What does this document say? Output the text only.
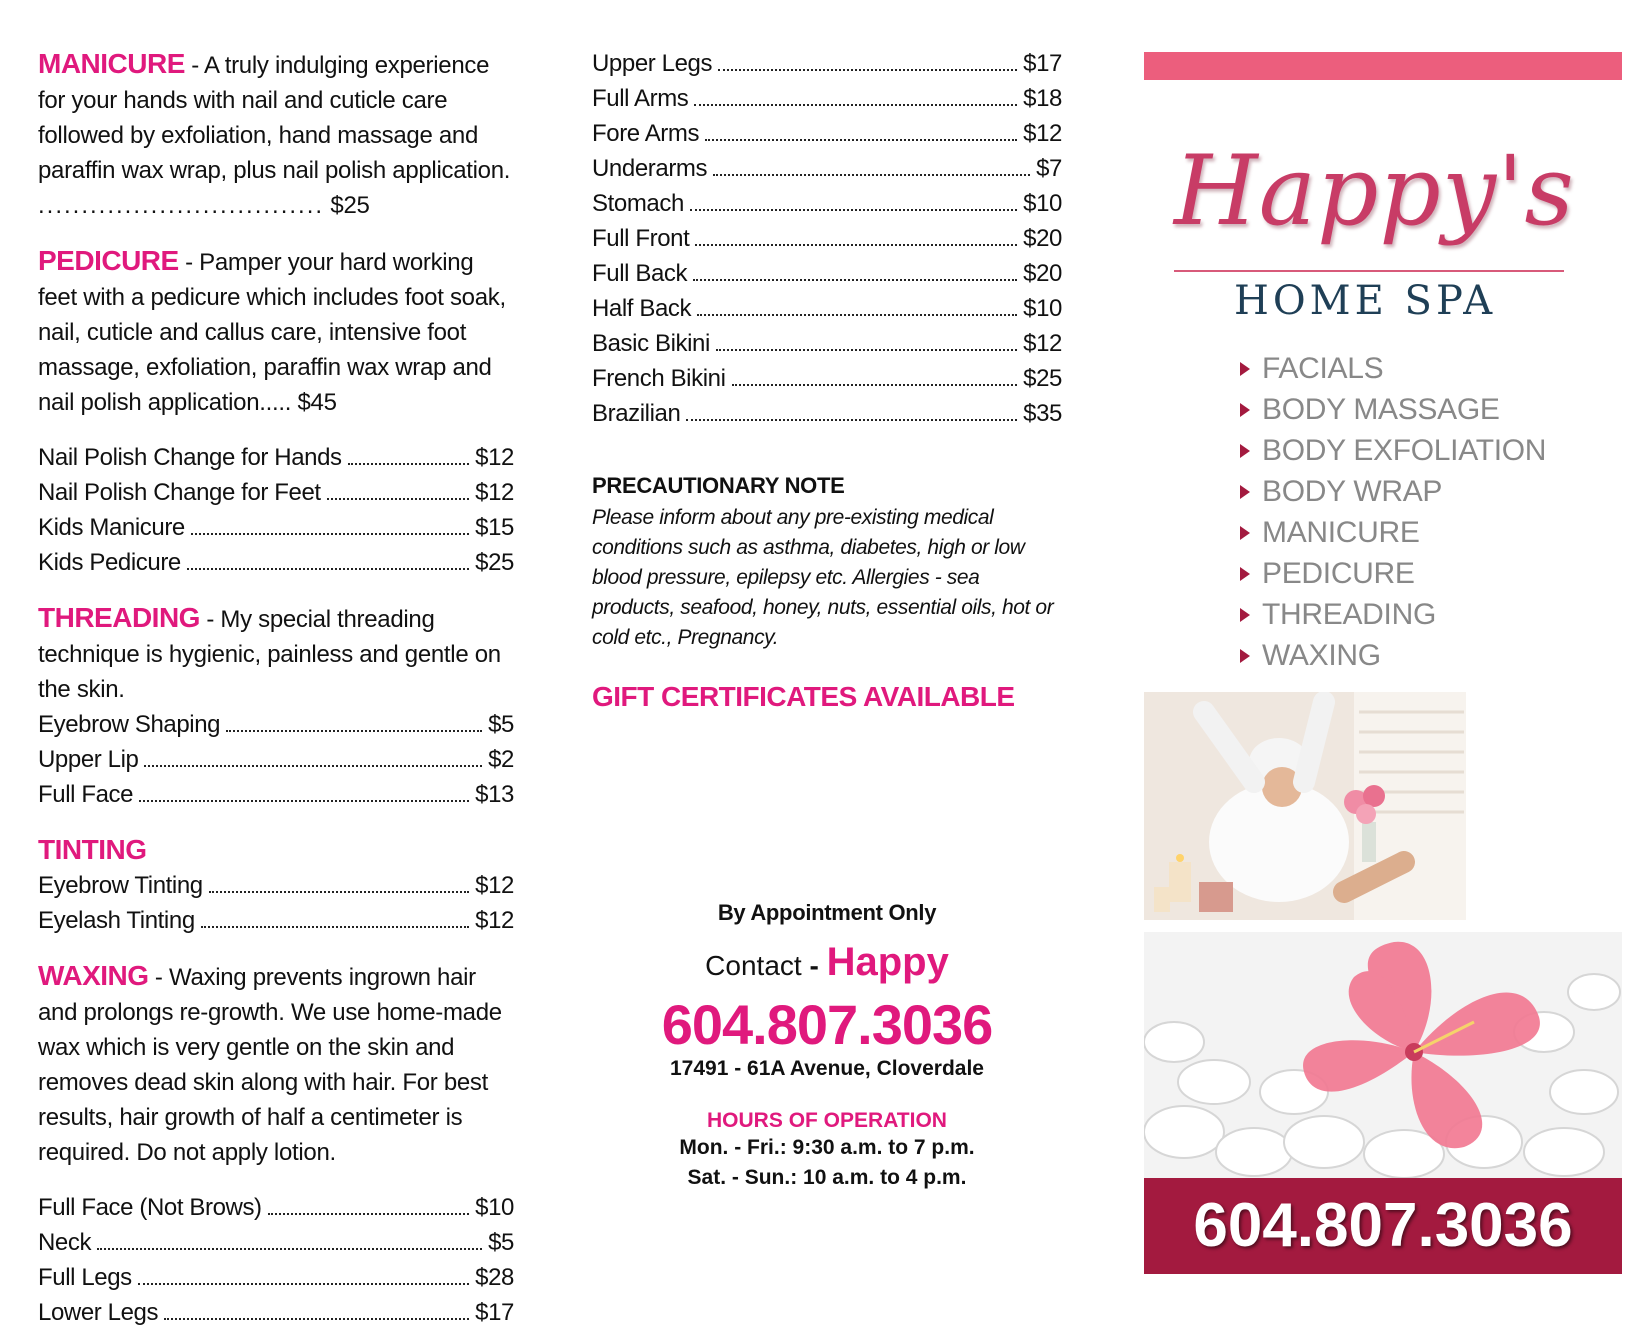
MANICURE - A truly indulging experience for your hands with nail and cuticle care followed by exfoliation, hand massage and paraffin wax wrap, plus nail polish application. ................................. $25
PEDICURE - Pamper your hard working feet with a pedicure which includes foot soak, nail, cuticle and callus care, intensive foot massage, exfoliation, paraffin wax wrap and nail polish application..... $45
Nail Polish Change for Hands	$12
Nail Polish Change for Feet	$12
Kids Manicure	$15
Kids Pedicure	$25
THREADING - My special threading technique is hygienic, painless and gentle on the skin.
Eyebrow Shaping	$5
Upper Lip	$2
Full Face	$13
TINTING
Eyebrow Tinting	$12
Eyelash Tinting	$12
WAXING - Waxing prevents ingrown hair and prolongs re-growth. We use home-made wax which is very gentle on the skin and removes dead skin along with hair. For best results, hair growth of half a centimeter is required. Do not apply lotion.
Full Face (Not Brows)	$10
Neck	$5
Full Legs	$28
Lower Legs	$17
Upper Legs	$17
Full Arms	$18
Fore Arms	$12
Underarms	$7
Stomach	$10
Full Front	$20
Full Back	$20
Half Back	$10
Basic Bikini	$12
French Bikini	$25
Brazilian	$35
PRECAUTIONARY NOTE
Please inform about any pre-existing medical conditions such as asthma, diabetes, high or low blood pressure, epilepsy etc. Allergies - sea products, seafood, honey, nuts, essential oils, hot or cold etc., Pregnancy.
GIFT CERTIFICATES AVAILABLE
By Appointment Only
Contact - Happy
604.807.3036
17491 - 61A Avenue, Cloverdale
HOURS OF OPERATION
Mon. - Fri.: 9:30 a.m. to 7 p.m.
Sat. - Sun.: 10 a.m. to 4 p.m.
Happy's
HOME SPA
FACIALS
BODY MASSAGE
BODY EXFOLIATION
BODY WRAP
MANICURE
PEDICURE
THREADING
WAXING
604.807.3036
